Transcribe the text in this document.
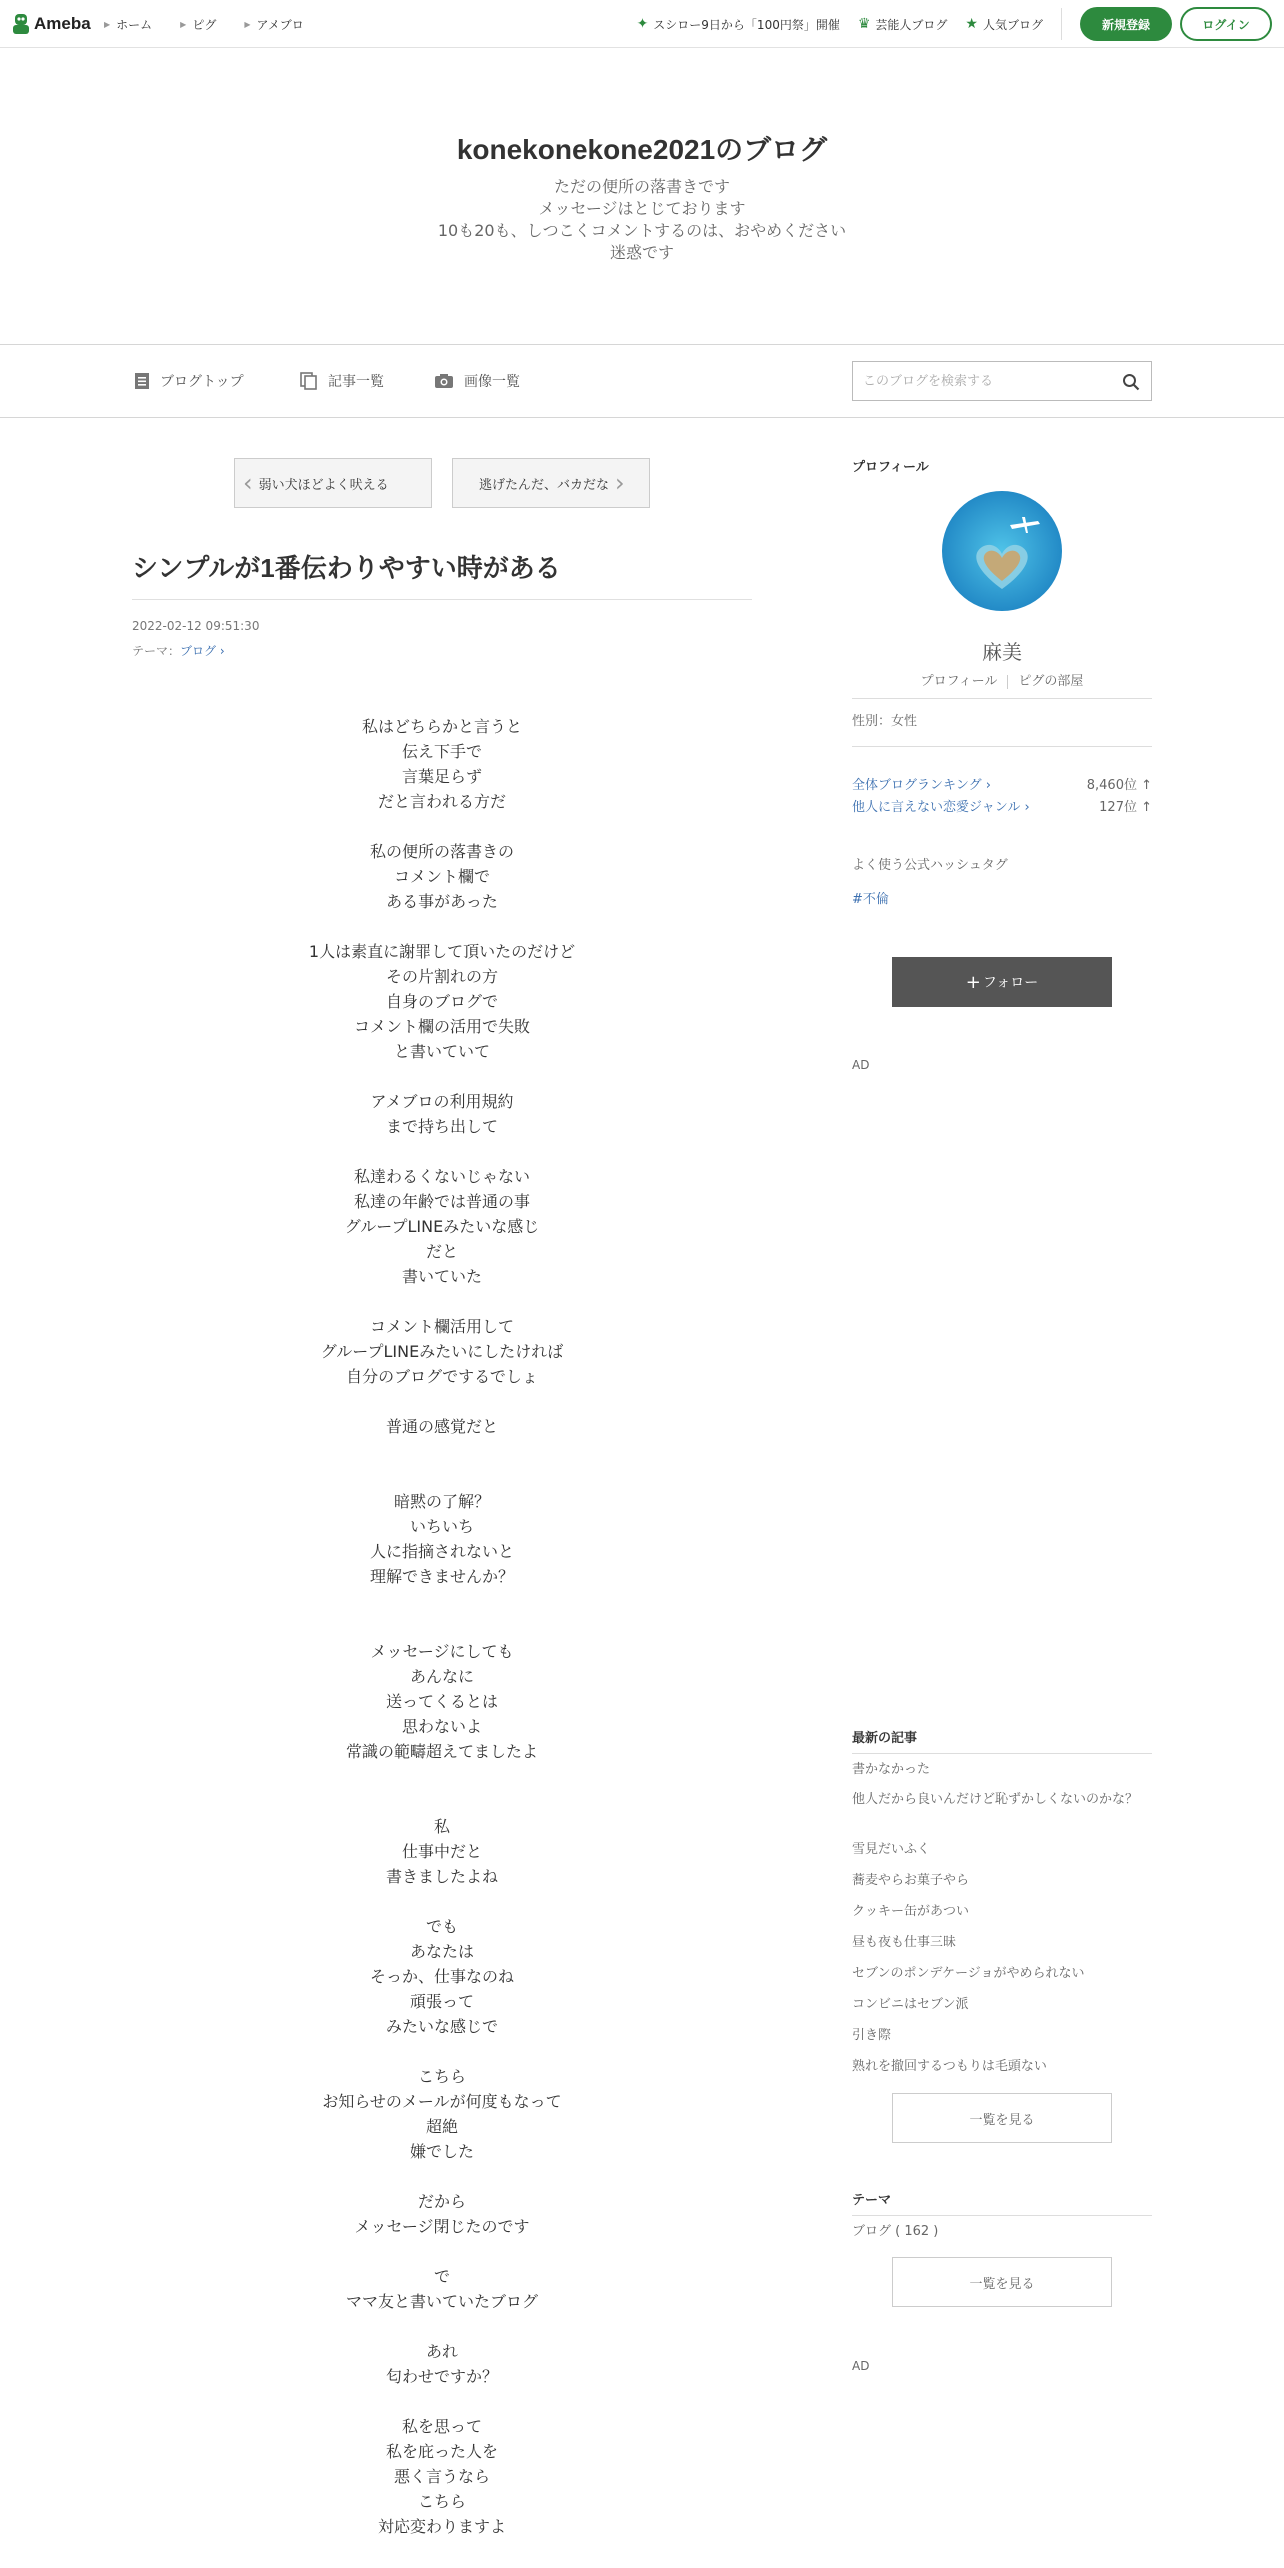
Ameba ▶ ホーム	▶ ピグ	▶ アメブロ	✦ スシロー9日から「100円祭」開催 ♛ 芸能人ブログ ★ 人気ブログ	新規登録	ログイン
konekonekone2021のブログ
ただの便所の落書きです
メッセージはとじております
10も20も、しつこくコメントするのは、おやめください
迷惑です
ブログトップ	記事一覧	画像一覧
このブログを検索する
‹ 弱い犬ほどよく吠える	逃げたんだ、バカだな ›
シンプルが1番伝わりやすい時がある
2022-02-12 09:51:30
テーマ：ブログ ›
私はどちらかと言うと
伝え下手で
言葉足らず
だと言われる方だ
私の便所の落書きの
コメント欄で
ある事があった
1人は素直に謝罪して頂いたのだけど
その片割れの方
自身のブログで
コメント欄の活用で失敗
と書いていて
アメブロの利用規約
まで持ち出して
私達わるくないじゃない
私達の年齢では普通の事
グループLINEみたいな感じ
だと
書いていた
コメント欄活用して
グループLINEみたいにしたければ
自分のブログでするでしょ
普通の感覚だと
暗黙の了解？
いちいち
人に指摘されないと
理解できませんか？
メッセージにしても
あんなに
送ってくるとは
思わないよ
常識の範疇超えてましたよ
私
仕事中だと
書きましたよね
でも
あなたは
そっか、仕事なのね
頑張って
みたいな感じで
こちら
お知らせのメールが何度もなって
超絶
嫌でした
だから
メッセージ閉じたのです
で
ママ友と書いていたブログ
あれ
匂わせですか？
私を思って
私を庇った人を
悪く言うなら
こちら
対応変わりますよ
プロフィール
麻美
プロフィール ピグの部屋
性別：女性
全体ブログランキング ›	8,460位 ↑
他人に言えない恋愛ジャンル ›	127位 ↑
よく使う公式ハッシュタグ
#不倫
+ フォロー
AD
最新の記事
書かなかった
他人だから良いんだけど恥ずかしくないのかな？
雪見だいふく
蕎麦やらお菓子やら
クッキー缶があつい
昼も夜も仕事三昧
セブンのポンデケージョがやめられない
コンビニはセブン派
引き際
熟れを撤回するつもりは毛頭ない
一覧を見る
テーマ
ブログ ( 162 )
一覧を見る
AD
